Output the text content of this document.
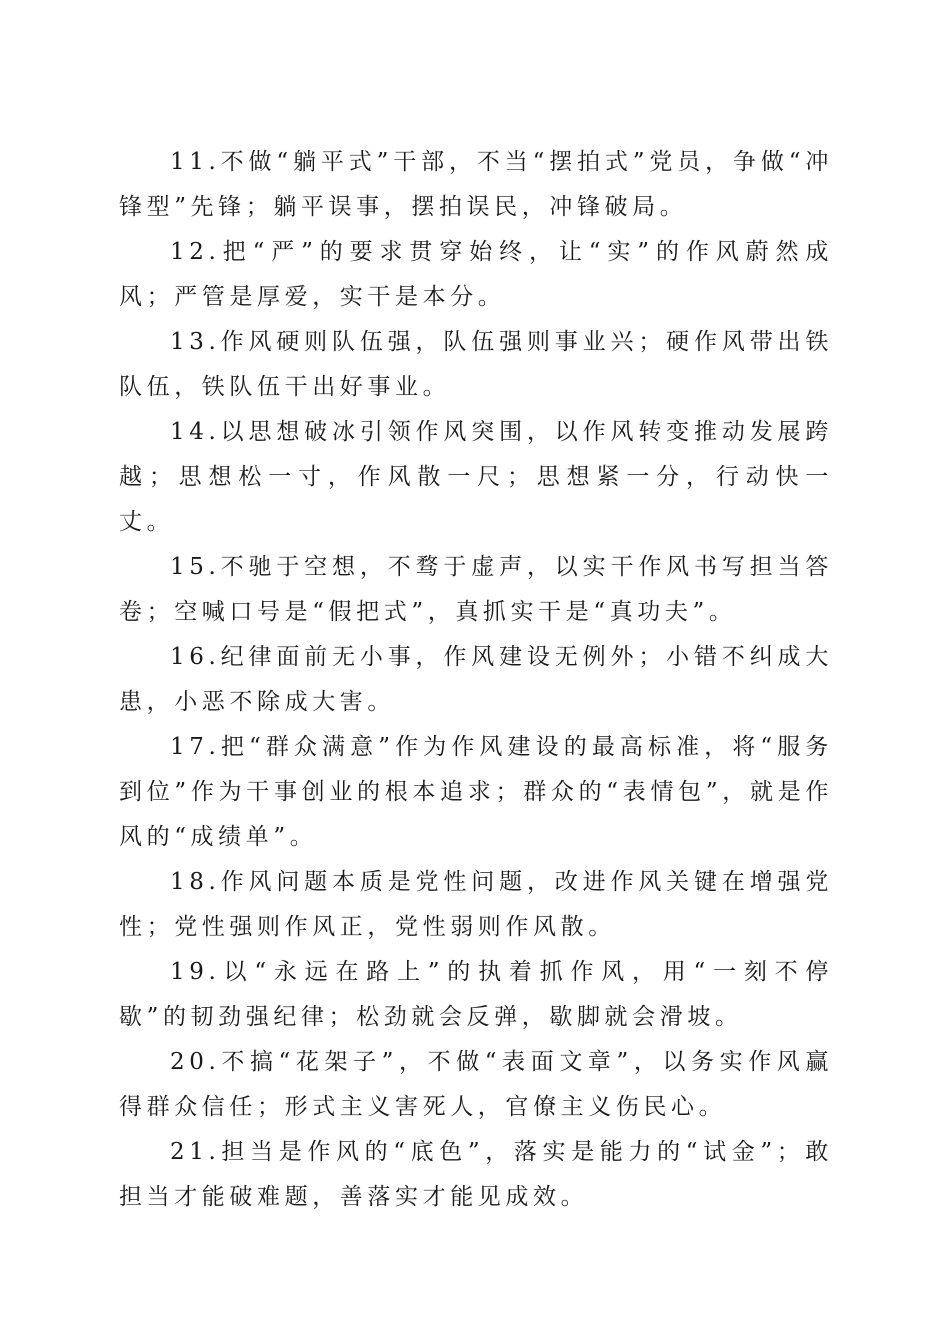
11.不做“躺平式”干部，不当“摆拍式”党员，争做“冲锋型”先锋；躺平误事，摆拍误民，冲锋破局。

12.把“严”的要求贯穿始终，让“实”的作风蔚然成风；严管是厚爱，实干是本分。

13.作风硬则队伍强，队伍强则事业兴；硬作风带出铁队伍，铁队伍干出好事业。

14.以思想破冰引领作风突围，以作风转变推动发展跨越；思想松一寸，作风散一尺；思想紧一分，行动快一丈。

15.不驰于空想，不骛于虚声，以实干作风书写担当答卷；空喊口号是“假把式”，真抓实干是“真功夫”。

16.纪律面前无小事，作风建设无例外；小错不纠成大患，小恶不除成大害。

17.把“群众满意”作为作风建设的最高标准，将“服务到位”作为干事创业的根本追求；群众的“表情包”，就是作风的“成绩单”。

18.作风问题本质是党性问题，改进作风关键在增强党性；党性强则作风正，党性弱则作风散。

19.以“永远在路上”的执着抓作风，用“一刻不停歇”的韧劲强纪律；松劲就会反弹，歇脚就会滑坡。

20.不搞“花架子”，不做“表面文章”，以务实作风赢得群众信任；形式主义害死人，官僚主义伤民心。

21.担当是作风的“底色”，落实是能力的“试金”；敢担当才能破难题，善落实才能见成效。
